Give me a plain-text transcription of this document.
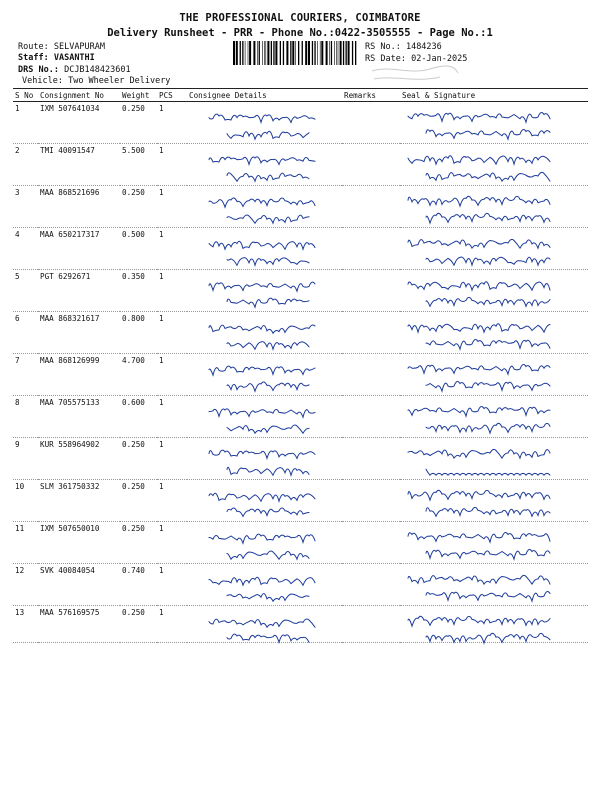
THE PROFESSIONAL COURIERS, COIMBATORE
Delivery Runsheet - PRR - Phone No.:0422-3505555 - Page No.:1
Route: SELVAPURAM
Staff: VASANTHI
DRS No.: DCJB148423601
Vehicle: Two Wheeler Delivery
RS No.: 1484236
RS Date: 02-Jan-2025
S No	Consignment No	Weight	PCS	Consignee Details	Remarks	Seal & Signature
1	IXM 507641034	0.250	1	

2	TMI 40091547	5.500	1	

3	MAA 868521696	0.250	1	

4	MAA 650217317	0.500	1	

5	PGT 6292671	0.350	1	

6	MAA 868321617	0.800	1	

7	MAA 868126999	4.700	1	

8	MAA 705575133	0.600	1	

9	KUR 558964902	0.250	1	

10	SLM 361750332	0.250	1	

11	IXM 507650010	0.250	1	

12	SVK 40084054	0.740	1	

13	MAA 576169575	0.250	1	
